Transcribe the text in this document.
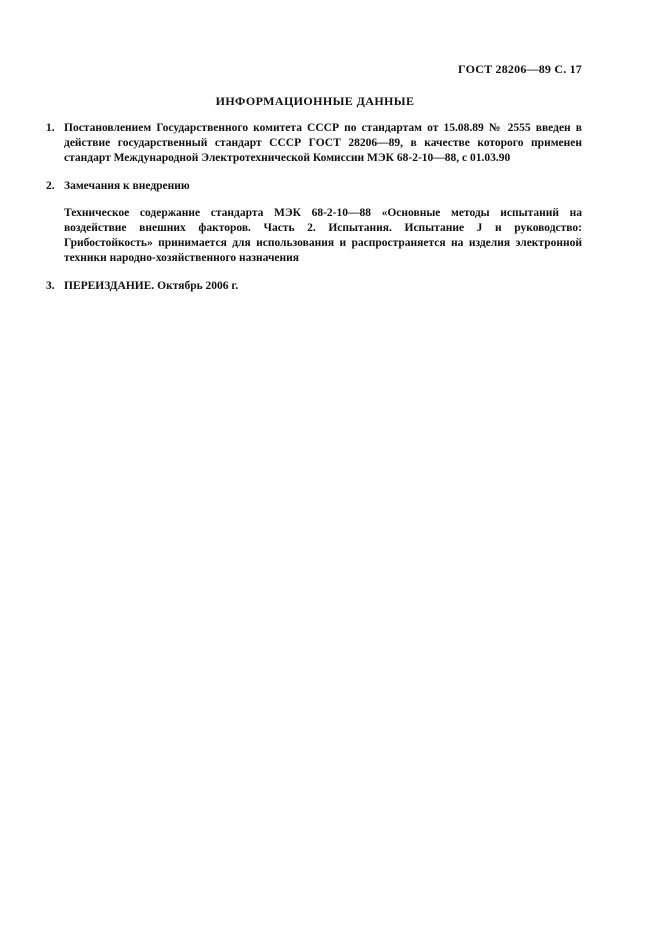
ГОСТ 28206—89 С. 17
ИНФОРМАЦИОННЫЕ ДАННЫЕ
1. Постановлением Государственного комитета СССР по стандартам от 15.08.89 № 2555 введен в действие государственный стандарт СССР ГОСТ 28206—89, в качестве которого применен стандарт Международной Электротехнической Комиссии МЭК 68-2-10—88, с 01.03.90
2. Замечания к внедрению
Техническое содержание стандарта МЭК 68-2-10—88 «Основные методы испытаний на воздействие внешних факторов. Часть 2. Испытания. Испытание J и руководство: Грибостойкость» принимается для использования и распространяется на изделия электронной техники народно-хозяйственного назначения
3. ПЕРЕИЗДАНИЕ. Октябрь 2006 г.
